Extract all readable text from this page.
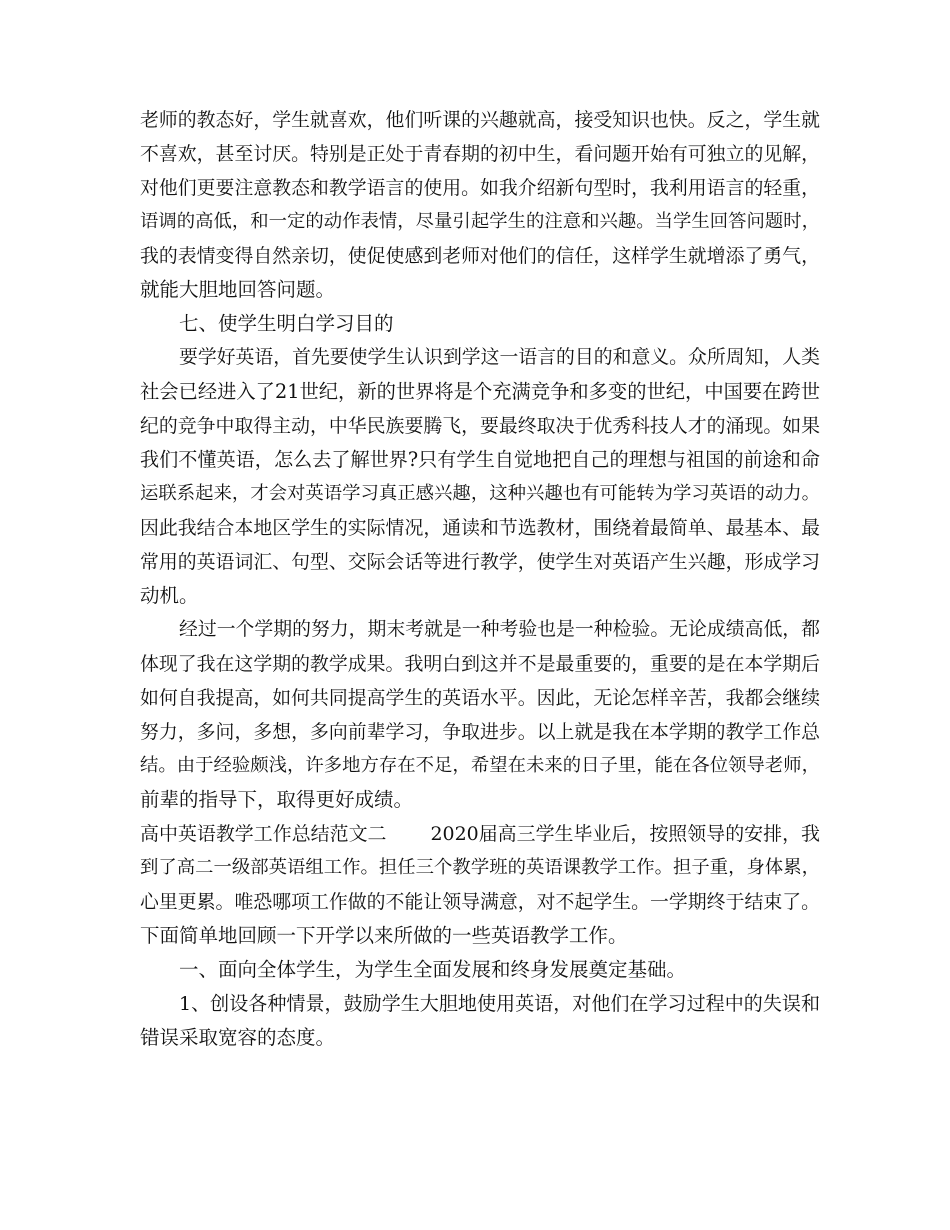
老师的教态好，学生就喜欢，他们听课的兴趣就高，接受知识也快。反之，学生就
不喜欢，甚至讨厌。特别是正处于青春期的初中生，看问题开始有可独立的见解，
对他们更要注意教态和教学语言的使用。如我介绍新句型时，我利用语言的轻重，
语调的高低，和一定的动作表情，尽量引起学生的注意和兴趣。当学生回答问题时，
我的表情变得自然亲切，使促使感到老师对他们的信任，这样学生就增添了勇气，
就能大胆地回答问题。
七、使学生明白学习目的
要学好英语，首先要使学生认识到学这一语言的目的和意义。众所周知，人类
社会已经进入了21世纪，新的世界将是个充满竞争和多变的世纪，中国要在跨世
纪的竞争中取得主动，中华民族要腾飞，要最终取决于优秀科技人才的涌现。如果
我们不懂英语，怎么去了解世界?只有学生自觉地把自己的理想与祖国的前途和命
运联系起来，才会对英语学习真正感兴趣，这种兴趣也有可能转为学习英语的动力。
因此我结合本地区学生的实际情况，通读和节选教材，围绕着最简单、最基本、最
常用的英语词汇、句型、交际会话等进行教学，使学生对英语产生兴趣，形成学习
动机。
经过一个学期的努力，期末考就是一种考验也是一种检验。无论成绩高低，都
体现了我在这学期的教学成果。我明白到这并不是最重要的，重要的是在本学期后
如何自我提高，如何共同提高学生的英语水平。因此，无论怎样辛苦，我都会继续
努力，多问，多想，多向前辈学习，争取进步。以上就是我在本学期的教学工作总
结。由于经验颇浅，许多地方存在不足，希望在未来的日子里，能在各位领导老师，
前辈的指导下，取得更好成绩。
高中英语教学工作总结范文二　　 2020届高三学生毕业后，按照领导的安排，我
到了高二一级部英语组工作。担任三个教学班的英语课教学工作。担子重，身体累，
心里更累。唯恐哪项工作做的不能让领导满意，对不起学生。一学期终于结束了。
下面简单地回顾一下开学以来所做的一些英语教学工作。
一、面向全体学生，为学生全面发展和终身发展奠定基础。
1、创设各种情景，鼓励学生大胆地使用英语，对他们在学习过程中的失误和
错误采取宽容的态度。
